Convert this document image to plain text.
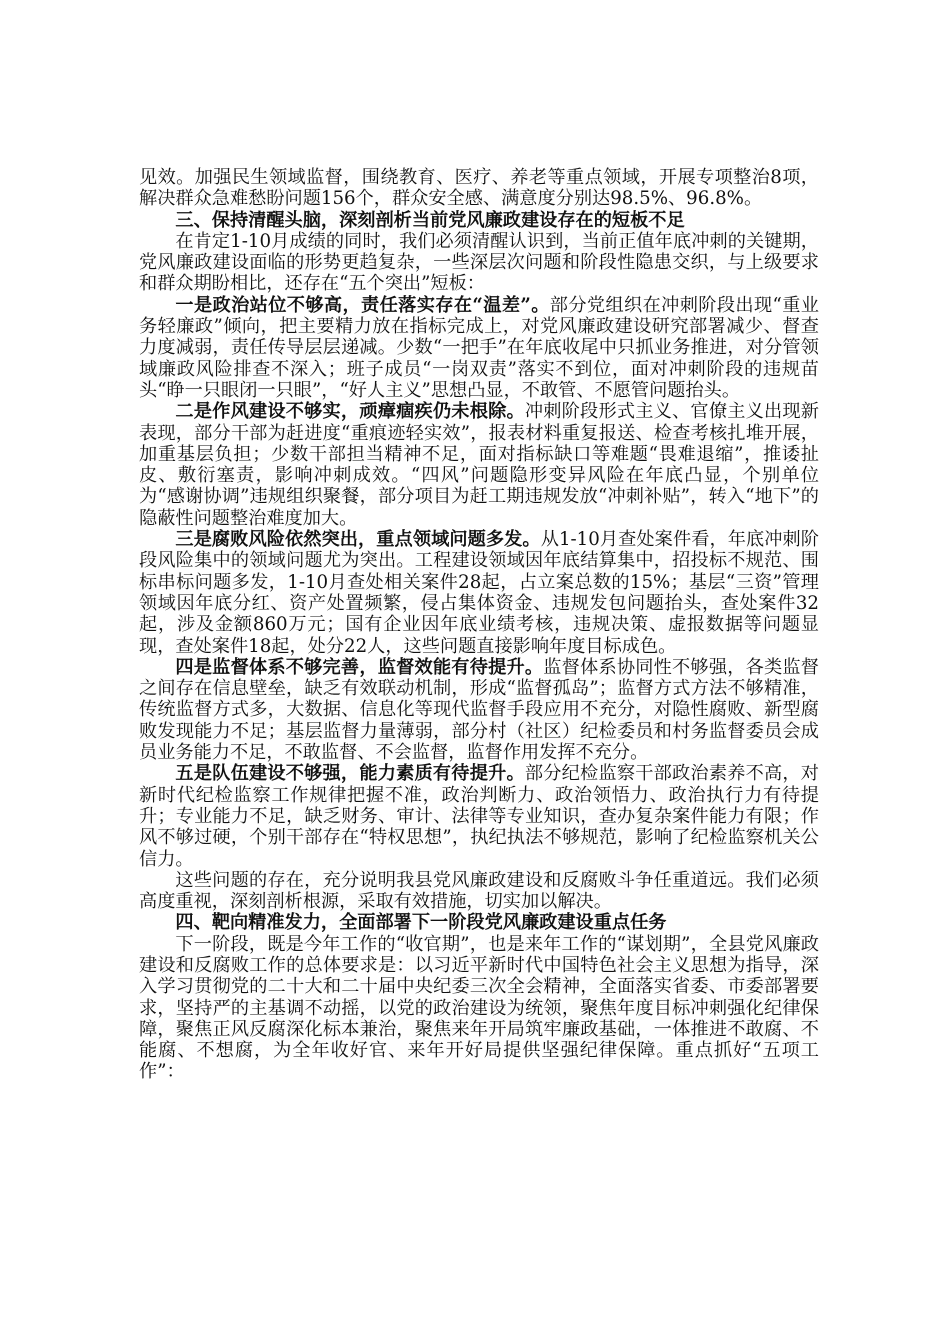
见效。加强民生领域监督，围绕教育、医疗、养老等重点领域，开展专项整治8项，解决群众急难愁盼问题156个，群众安全感、满意度分别达98.5%、96.8%。

三、保持清醒头脑，深刻剖析当前党风廉政建设存在的短板不足

在肯定1-10月成绩的同时，我们必须清醒认识到，当前正值年底冲刺的关键期，党风廉政建设面临的形势更趋复杂，一些深层次问题和阶段性隐患交织，与上级要求和群众期盼相比，还存在“五个突出”短板：

一是政治站位不够高，责任落实存在“温差”。部分党组织在冲刺阶段出现“重业务轻廉政”倾向，把主要精力放在指标完成上，对党风廉政建设研究部署减少、督查力度减弱，责任传导层层递减。少数“一把手”在年底收尾中只抓业务推进，对分管领域廉政风险排查不深入；班子成员“一岗双责”落实不到位，面对冲刺阶段的违规苗头“睁一只眼闭一只眼”，“好人主义”思想凸显，不敢管、不愿管问题抬头。

二是作风建设不够实，顽瘴痼疾仍未根除。冲刺阶段形式主义、官僚主义出现新表现，部分干部为赶进度“重痕迹轻实效”，报表材料重复报送、检查考核扎堆开展，加重基层负担；少数干部担当精神不足，面对指标缺口等难题“畏难退缩”，推诿扯皮、敷衍塞责，影响冲刺成效。“四风”问题隐形变异风险在年底凸显，个别单位为“感谢协调”违规组织聚餐，部分项目为赶工期违规发放“冲刺补贴”，转入“地下”的隐蔽性问题整治难度加大。

三是腐败风险依然突出，重点领域问题多发。从1-10月查处案件看，年底冲刺阶段风险集中的领域问题尤为突出。工程建设领域因年底结算集中，招投标不规范、围标串标问题多发，1-10月查处相关案件28起，占立案总数的15%；基层“三资”管理领域因年底分红、资产处置频繁，侵占集体资金、违规发包问题抬头，查处案件32起，涉及金额860万元；国有企业因年底业绩考核，违规决策、虚报数据等问题显现，查处案件18起，处分22人，这些问题直接影响年度目标成色。

四是监督体系不够完善，监督效能有待提升。监督体系协同性不够强，各类监督之间存在信息壁垒，缺乏有效联动机制，形成“监督孤岛”；监督方式方法不够精准，传统监督方式多，大数据、信息化等现代监督手段应用不充分，对隐性腐败、新型腐败发现能力不足；基层监督力量薄弱，部分村（社区）纪检委员和村务监督委员会成员业务能力不足，不敢监督、不会监督，监督作用发挥不充分。

五是队伍建设不够强，能力素质有待提升。部分纪检监察干部政治素养不高，对新时代纪检监察工作规律把握不准，政治判断力、政治领悟力、政治执行力有待提升；专业能力不足，缺乏财务、审计、法律等专业知识，查办复杂案件能力有限；作风不够过硬，个别干部存在“特权思想”，执纪执法不够规范，影响了纪检监察机关公信力。

这些问题的存在，充分说明我县党风廉政建设和反腐败斗争任重道远。我们必须高度重视，深刻剖析根源，采取有效措施，切实加以解决。

四、靶向精准发力，全面部署下一阶段党风廉政建设重点任务

下一阶段，既是今年工作的“收官期”，也是来年工作的“谋划期”，全县党风廉政建设和反腐败工作的总体要求是：以习近平新时代中国特色社会主义思想为指导，深入学习贯彻党的二十大和二十届中央纪委三次全会精神，全面落实省委、市委部署要求，坚持严的主基调不动摇，以党的政治建设为统领，聚焦年度目标冲刺强化纪律保障，聚焦正风反腐深化标本兼治，聚焦来年开局筑牢廉政基础，一体推进不敢腐、不能腐、不想腐，为全年收好官、来年开好局提供坚强纪律保障。重点抓好“五项工作”：
